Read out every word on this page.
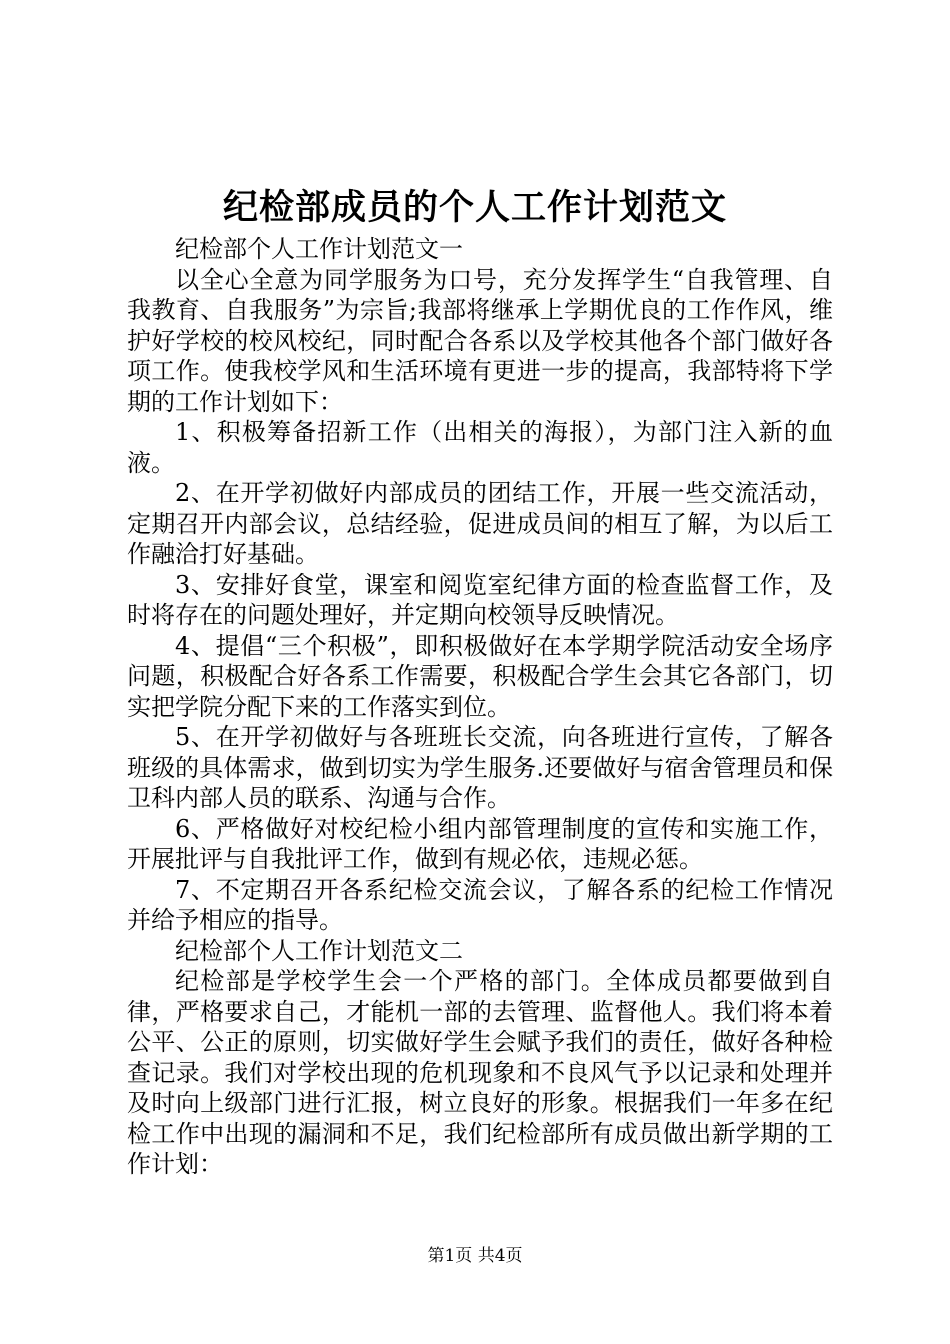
纪检部成员的个人工作计划范文

纪检部个人工作计划范文一

以全心全意为同学服务为口号，充分发挥学生“自我管理、自我教育、自我服务”为宗旨;我部将继承上学期优良的工作作风，维护好学校的校风校纪，同时配合各系以及学校其他各个部门做好各项工作。使我校学风和生活环境有更进一步的提高，我部特将下学期的工作计划如下：

1、积极筹备招新工作（出相关的海报），为部门注入新的血液。

2、在开学初做好内部成员的团结工作，开展一些交流活动，定期召开内部会议，总结经验，促进成员间的相互了解，为以后工作融洽打好基础。

3、安排好食堂，课室和阅览室纪律方面的检查监督工作，及时将存在的问题处理好，并定期向校领导反映情况。

4、提倡“三个积极”，即积极做好在本学期学院活动安全场序问题，积极配合好各系工作需要，积极配合学生会其它各部门，切实把学院分配下来的工作落实到位。

5、在开学初做好与各班班长交流，向各班进行宣传，了解各班级的具体需求，做到切实为学生服务.还要做好与宿舍管理员和保卫科内部人员的联系、沟通与合作。

6、严格做好对校纪检小组内部管理制度的宣传和实施工作，开展批评与自我批评工作，做到有规必依，违规必惩。

7、不定期召开各系纪检交流会议，了解各系的纪检工作情况并给予相应的指导。

纪检部个人工作计划范文二

纪检部是学校学生会一个严格的部门。全体成员都要做到自律，严格要求自己，才能机一部的去管理、监督他人。我们将本着公平、公正的原则，切实做好学生会赋予我们的责任，做好各种检查记录。我们对学校出现的危机现象和不良风气予以记录和处理并及时向上级部门进行汇报，树立良好的形象。根据我们一年多在纪检工作中出现的漏洞和不足，我们纪检部所有成员做出新学期的工作计划：

第1页 共4页
